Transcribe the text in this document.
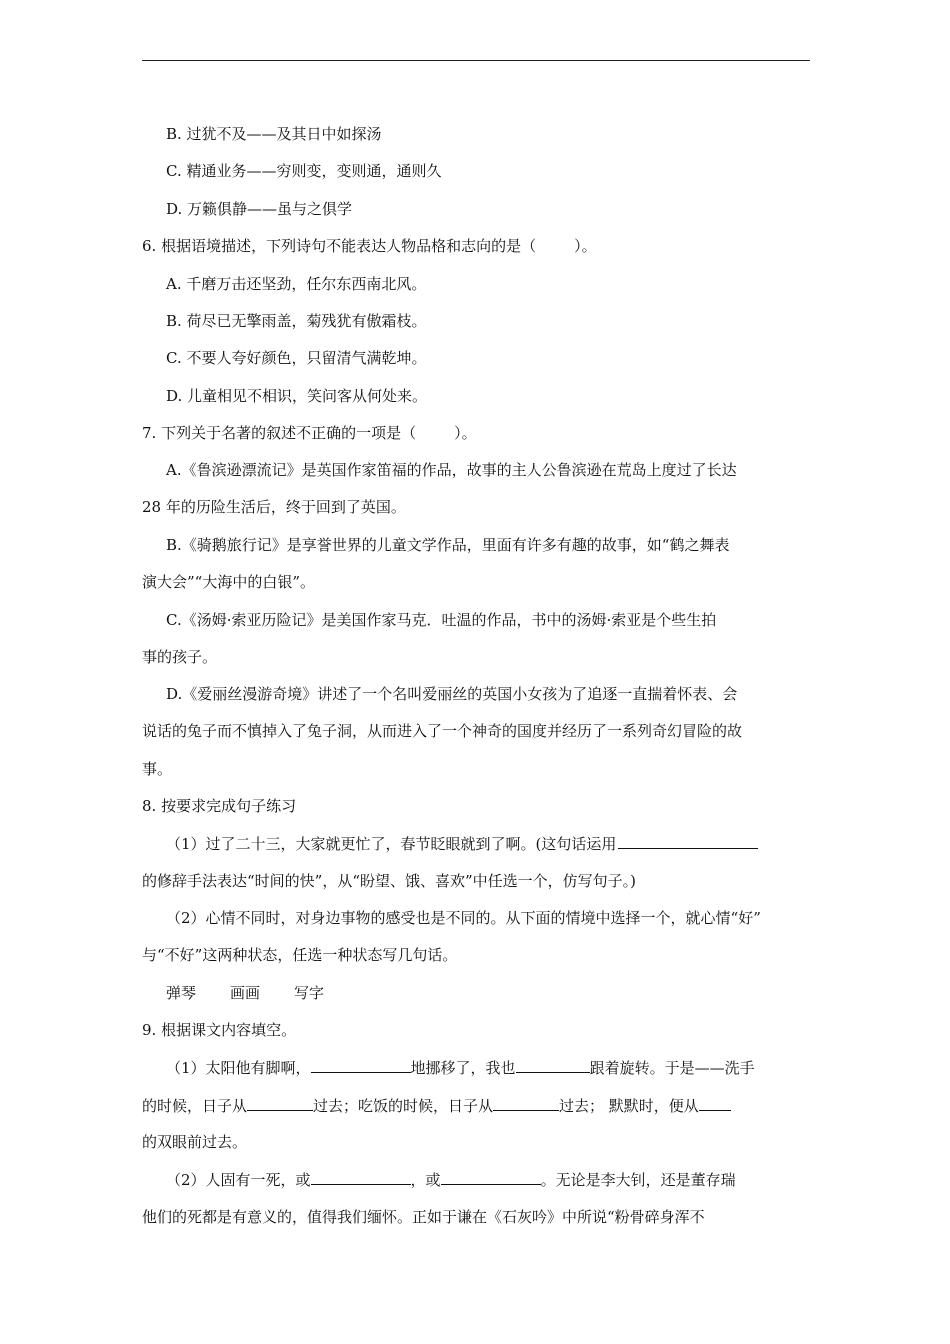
B. 过犹不及——及其日中如探汤
C. 精通业务——穷则变，变则通，通则久
D. 万籁俱静——虽与之俱学
6. 根据语境描述，下列诗句不能表达人物品格和志向的是（	）。
A. 千磨万击还坚劲，任尔东西南北风。
B. 荷尽已无擎雨盖，菊残犹有傲霜枝。
C. 不要人夸好颜色，只留清气满乾坤。
D. 儿童相见不相识，笑问客从何处来。
7. 下列关于名著的叙述不正确的一项是（	）。
A.《鲁滨逊漂流记》是英国作家笛福的作品，故事的主人公鲁滨逊在荒岛上度过了长达
28 年的历险生活后，终于回到了英国。
B.《骑鹅旅行记》是享誉世界的儿童文学作品，里面有许多有趣的故事，如“鹤之舞表
演大会”“大海中的白银”。
C.《汤姆·索亚历险记》是美国作家马克．吐温的作品，书中的汤姆·索亚是个些生拍
事的孩子。
D.《爱丽丝漫游奇境》讲述了一个名叫爱丽丝的英国小女孩为了追逐一直揣着怀表、会
说话的兔子而不慎掉入了兔子洞，从而进入了一个神奇的国度并经历了一系列奇幻冒险的故
事。
8. 按要求完成句子练习
（1）过了二十三，大家就更忙了，春节眨眼就到了啊。(这句话运用
的修辞手法表达“时间的快”，从“盼望、饿、喜欢”中任选一个，仿写句子。)
（2）心情不同时，对身边事物的感受也是不同的。从下面的情境中选择一个，就心情“好”
与“不好”这两种状态，任选一种状态写几句话。
弹琴 画画 写字
9. 根据课文内容填空。
（1）太阳他有脚啊，	地挪移了，我也	跟着旋转。于是——洗手
的时候，日子从	过去；吃饭的时候，日子从	过去； 默默时，便从
的双眼前过去。
（2）人固有一死，或	，或	。无论是李大钊，还是董存瑞
他们的死都是有意义的，值得我们缅怀。正如于谦在《石灰吟》中所说“粉骨碎身浑不
